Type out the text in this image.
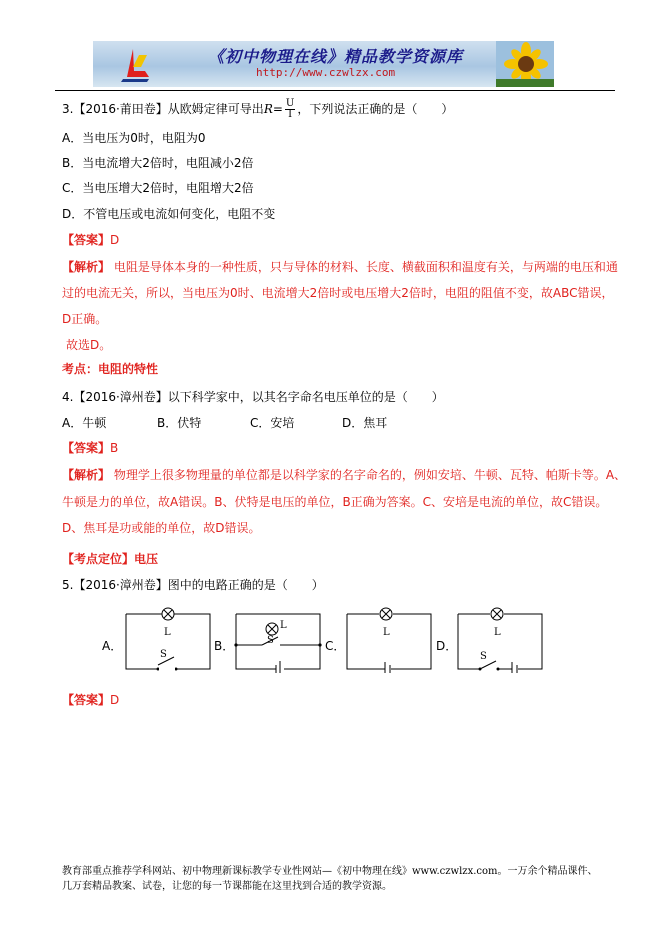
《初中物理在线》精品教学资源库
http://www.czwlzx.com
3.【2016·莆田卷】从欧姆定律可导出$R= \frac{U}{I}$ ，下列说法正确的是（　　）
A．当电压为0时，电阻为0
B．当电流增大2倍时，电阻减小2倍
C．当电压增大2倍时，电阻增大2倍
D．不管电压或电流如何变化，电阻不变
【答案】D
【解析】 电阻是导体本身的一种性质，只与导体的材料、长度、横截面积和温度有关，与两端的电压和通
过的电流无关，所以，当电压为0时、电流增大2倍时或电压增大2倍时，电阻的阻值不变，故ABC错误，
D正确。
故选D。
考点：电阻的特性
4.【2016·漳州卷】以下科学家中，以其名字命名电压单位的是（　　）
A．牛顿	B．伏特	C．安培	D．焦耳
【答案】B
【解析】 物理学上很多物理量的单位都是以科学家的名字命名的，例如安培、牛顿、瓦特、帕斯卡等。A、
牛顿是力的单位，故A错误。B、伏特是电压的单位，B正确为答案。C、安培是电流的单位，故C错误。
D、焦耳是功或能的单位，故D错误。
【考点定位】电压
5.【2016·漳州卷】图中的电路正确的是（　　）
A．
L
S
B．
L
S	C．
L
D．
L
S
【答案】D
教育部重点推荐学科网站、初中物理新课标教学专业性网站—《初中物理在线》www.czwlzx.com。一万余个精品课件、
几万套精品教案、试卷，让您的每一节课都能在这里找到合适的教学资源。
